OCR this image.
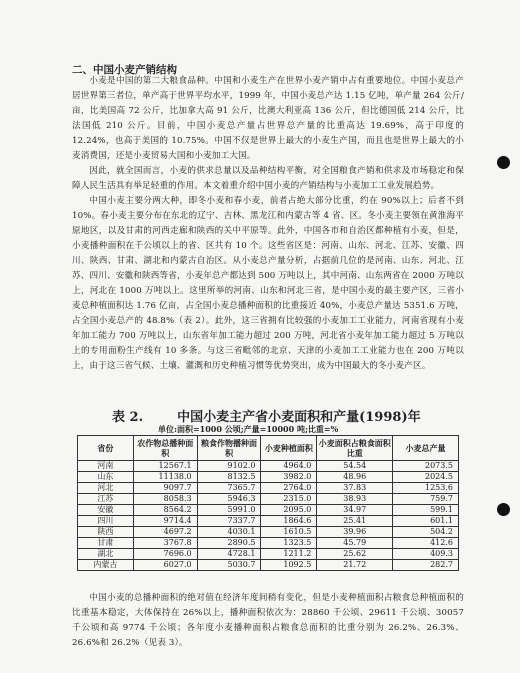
二、中国小麦产销结构

小麦是中国的第二大粮食品种。中国和小麦生产在世界小麦产销中占有重要地位。中国小麦总产居世界第三者位，单产高于世界平均水平，1999 年，中国小麦总产达 1.15 亿吨，单产量 264 公斤/亩，比美国高 72 公斤，比加拿大高 91 公斤，比澳大利亚高 136 公斤，但比德国低 214 公斤，比法国低 210 公斤。目前，中国小麦总产量占世界总产量的比重高达 19.69%，高于印度的 12.24%，也高于美国的 10.75%。中国不仅是世界上最大的小麦生产国，而且也是世界上最大的小麦消费国，还是小麦贸易大国和小麦加工大国。

因此，就全国而言，小麦的供求总量以及品种结构平衡，对全国粮食产销和供求及市场稳定和保障人民生活具有举足轻重的作用。本文着重介绍中国小麦的产销结构与小麦加工工业发展趋势。

中国小麦主要分两大种，即冬小麦和春小麦，前者占绝大部分比重，约在 90%以上；后者不到 10%。春小麦主要分布在东北的辽宁、吉林、黑龙江和内蒙古等 4 省、区。冬小麦主要领在黄淮海平原地区，以及甘肃的河西走廊和陕西的关中平原等。此外，中国各市和自治区都种植有小麦，但是，小麦播种面积在千公顷以上的省、区共有 10 个。这些省区是：河南、山东、河北、江苏、安徽、四川、陕西、甘肃、湖北和内蒙古自治区。从小麦总产量分析，占据前几位的是河南、山东、河北、江苏、四川、安徽和陕西等省，小麦年总产都达到 500 万吨以上，其中河南、山东两省在 2000 万吨以上，河北在 1000 万吨以上。这里所举的河南、山东和河北三省，是中国小麦的最主要产区，三省小麦总种植面积达 1.76 亿亩，占全国小麦总播种面积的比重接近 40%，小麦总产量达 5351.6 万吨，占全国小麦总产的 48.8%（表 2）。此外，这三省拥有比较强的小麦加工工业能力，河南省现有小麦年加工能力 700 万吨以上，山东省年加工能力超过 200 万吨，河北省小麦年加工能力超过 5 万吨以上的专用面粉生产线有 10 多条。与这三省毗邻的北京、天津的小麦加工工业能力也在 200 万吨以上，由于这三省气候、土壤、灌溉和历史种植习惯等优势突出，成为中国最大的冬小麦产区。

表 2.	中国小麦主产省小麦面积和产量(1998)年
单位:面积=1000 公顷;产量=10000 吨;比重=%
省份	农作物总播种面积	粮食作物播种面积	小麦种植面积	小麦面积占粮食面积比重	小麦总产量
河南	12567.1	9102.0	4964.0	54.54	2073.5
山东	11138.0	8132.5	3982.0	48.96	2024.5
河北	9097.7	7365.7	2764.0	37.83	1253.6
江苏	8058.3	5946.3	2315.0	38.93	759.7
安徽	8564.2	5991.0	2095.0	34.97	599.1
四川	9714.4	7337.7	1864.6	25.41	601.1
陕西	4697.2	4030.1	1610.5	39.96	504.2
甘肃	3767.8	2890.5	1323.5	45.79	412.6
湖北	7696.0	4728.1	1211.2	25.62	409.3
内蒙古	6027.0	5030.7	1092.5	21.72	282.7

中国小麦的总播种面积的绝对值在经济年度间稍有变化，但是小麦种植面积占粮食总种植面积的比重基本稳定，大体保持在 26%以上，播种面积依次为：28860 千公顷、29611 千公顷、30057 千公顷和高 9774 千公顷；各年度小麦播种面积占粮食总面积的比重分别为 26.2%、26.3%、26.6%和 26.2%（见表 3）。
